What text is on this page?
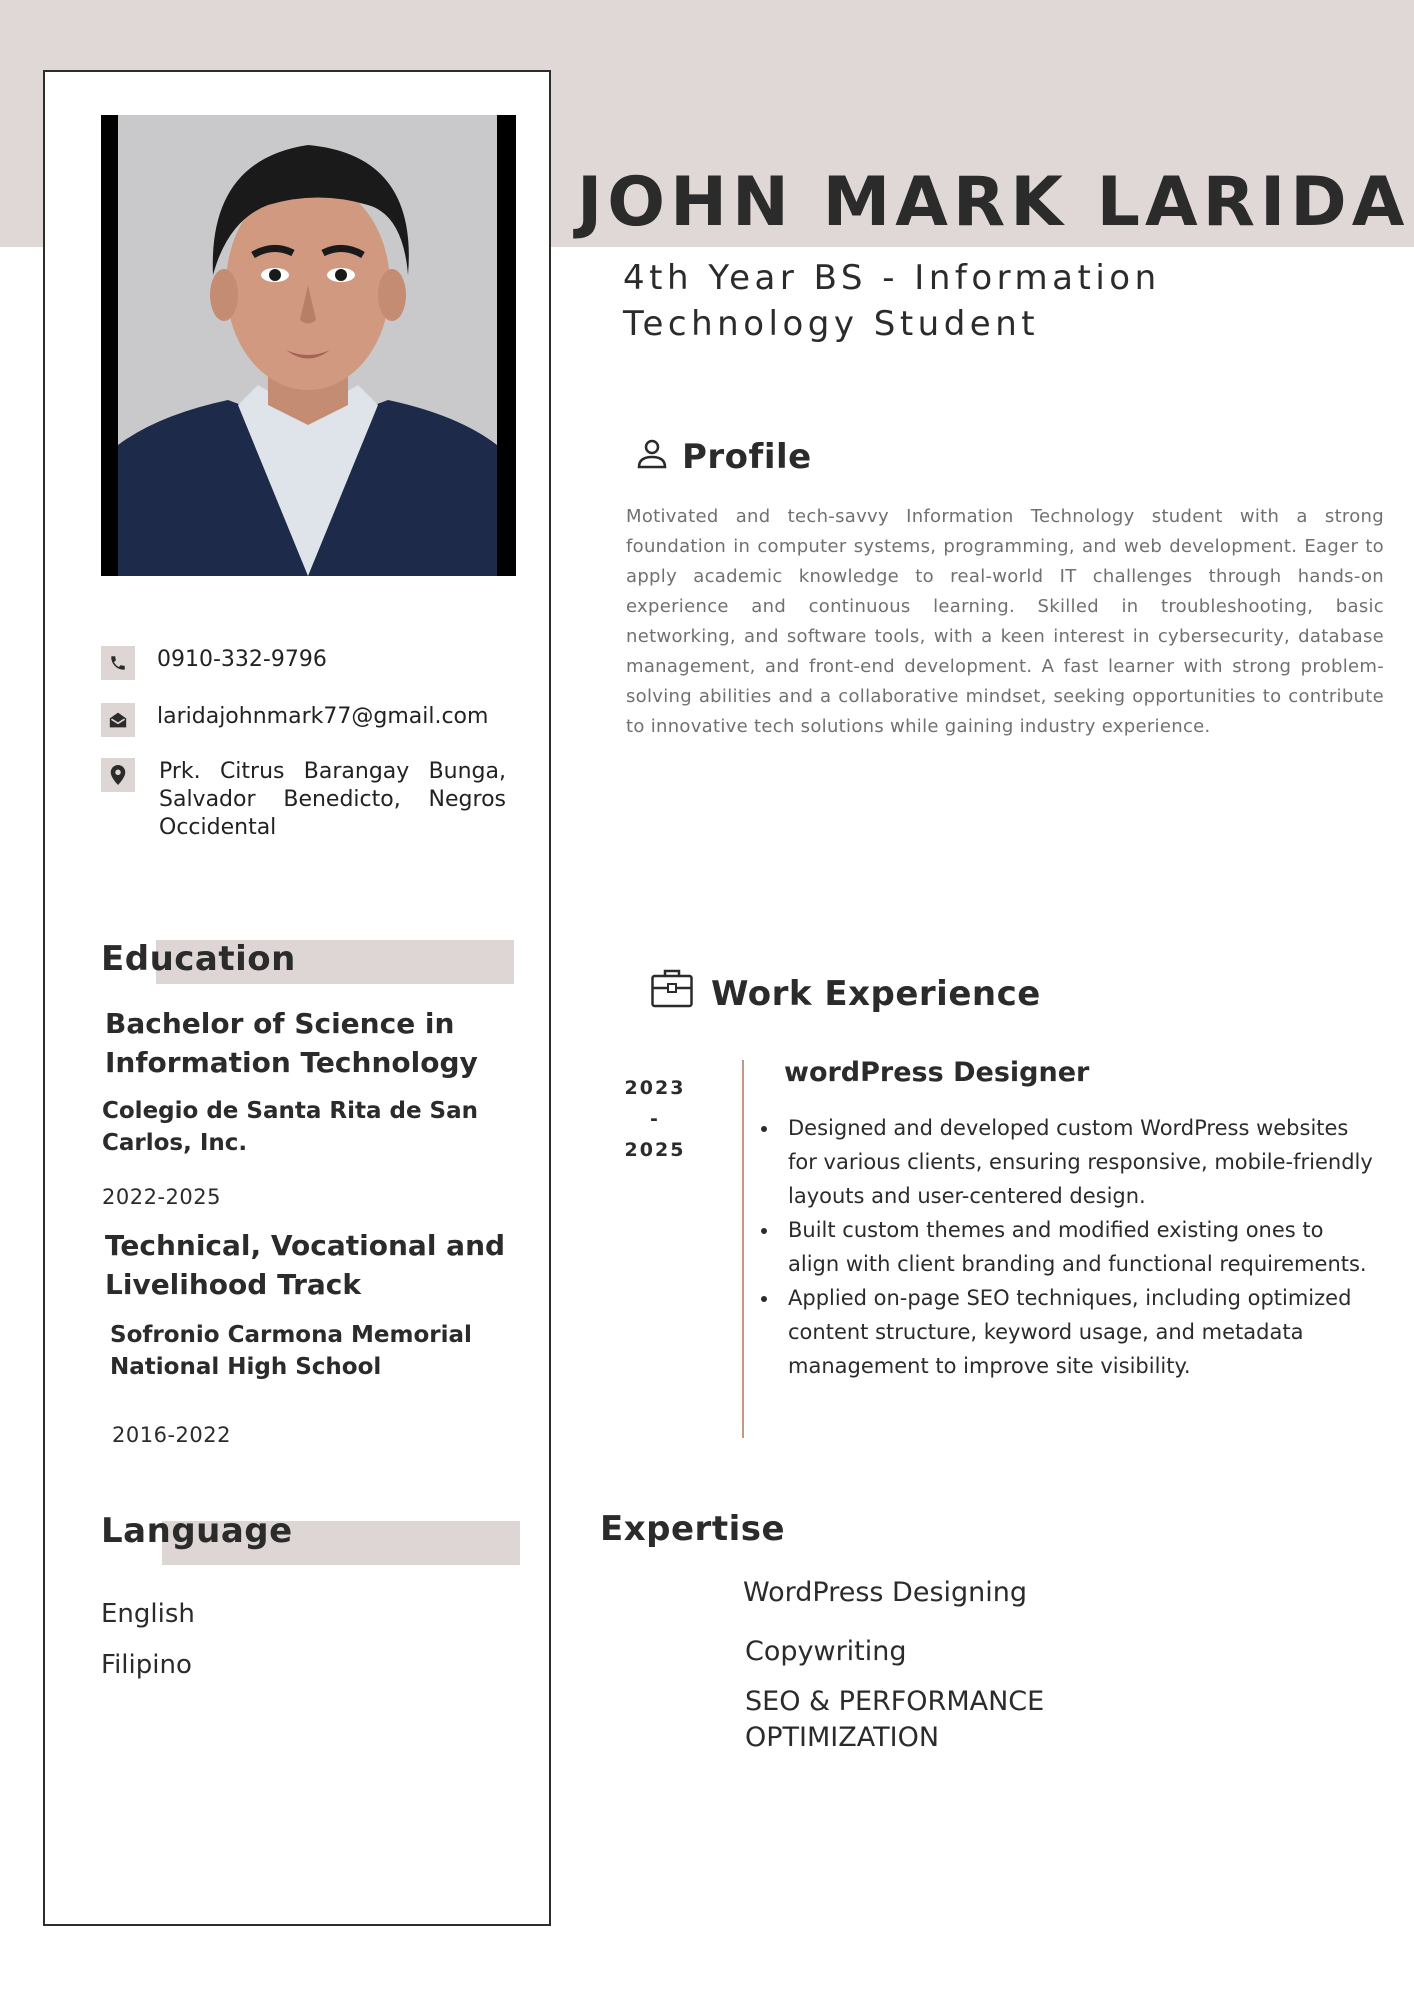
0910-332-9796
laridajohnmark77@gmail.com
Prk. Citrus Barangay Bunga, Salvador Benedicto, Negros Occidental
Education
Bachelor of Science in Information Technology
Colegio de Santa Rita de San Carlos, Inc.
2022-2025
Technical, Vocational and Livelihood Track
Sofronio Carmona Memorial National High School
2016-2022
Language
English
Filipino
JOHN MARK LARIDA
4th Year BS - Information Technology Student
Profile
Motivated and tech-savvy Information Technology student with a strong foundation in computer systems, programming, and web development. Eager to apply academic knowledge to real-world IT challenges through hands-on experience and continuous learning. Skilled in troubleshooting, basic networking, and software tools, with a keen interest in cybersecurity, database management, and front-end development. A fast learner with strong problem-solving abilities and a collaborative mindset, seeking opportunities to contribute to innovative tech solutions while gaining industry experience.
Work Experience
2023
-
2025
wordPress Designer
• Designed and developed custom WordPress websites for various clients, ensuring responsive, mobile-friendly layouts and user-centered design.
• Built custom themes and modified existing ones to align with client branding and functional requirements.
• Applied on-page SEO techniques, including optimized content structure, keyword usage, and metadata management to improve site visibility.
Expertise
WordPress Designing
Copywriting
SEO & PERFORMANCE OPTIMIZATION
